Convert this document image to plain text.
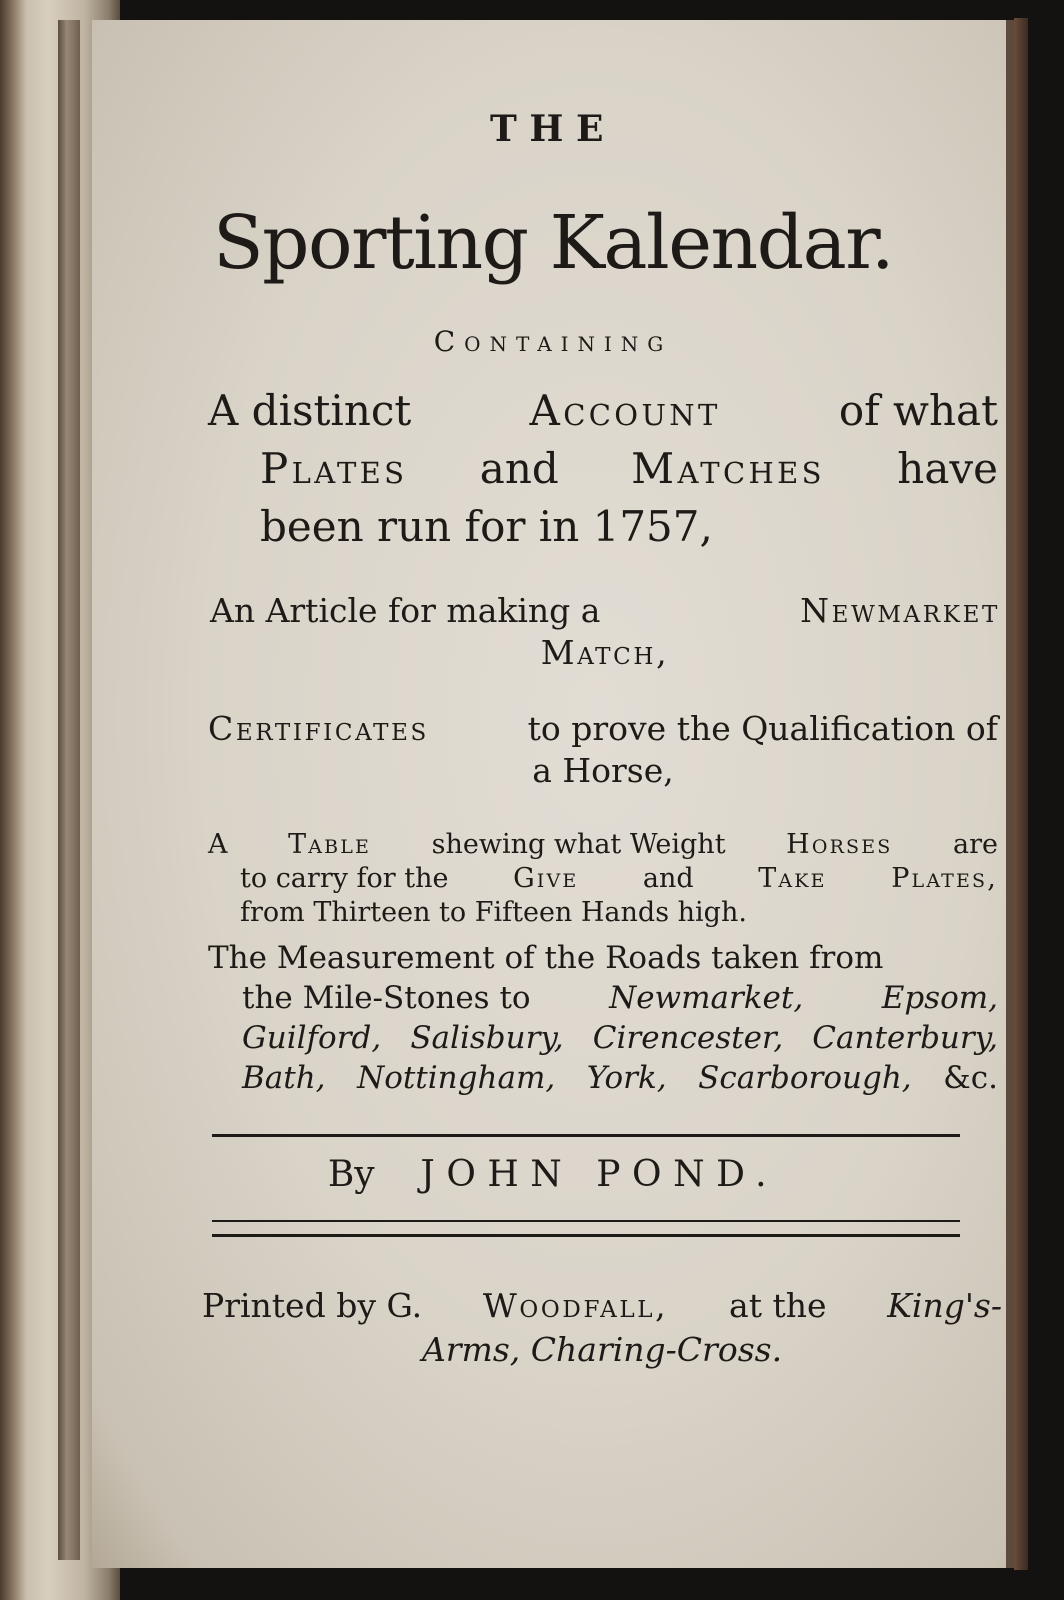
THE
Sporting Kalendar.
Containing
A distinct	Account	of what
Plates and Matches have
been run for in 1757,
An Article for making a	Newmarket
Match,
Certificates	to prove the Qualification of
a Horse,
A Table shewing what Weight Horses are
to carry for the Give and Take Plates,
from Thirteen to Fifteen Hands high.
The Measurement of the Roads taken from
the Mile-Stones to	Newmarket,	Epsom,
Guilford, Salisbury, Cirencester, Canterbury,
Bath, Nottingham, York, Scarborough, &c.
By JOHN POND.
Printed by G. Woodfall, at the King's-
Arms, Charing-Cross.
